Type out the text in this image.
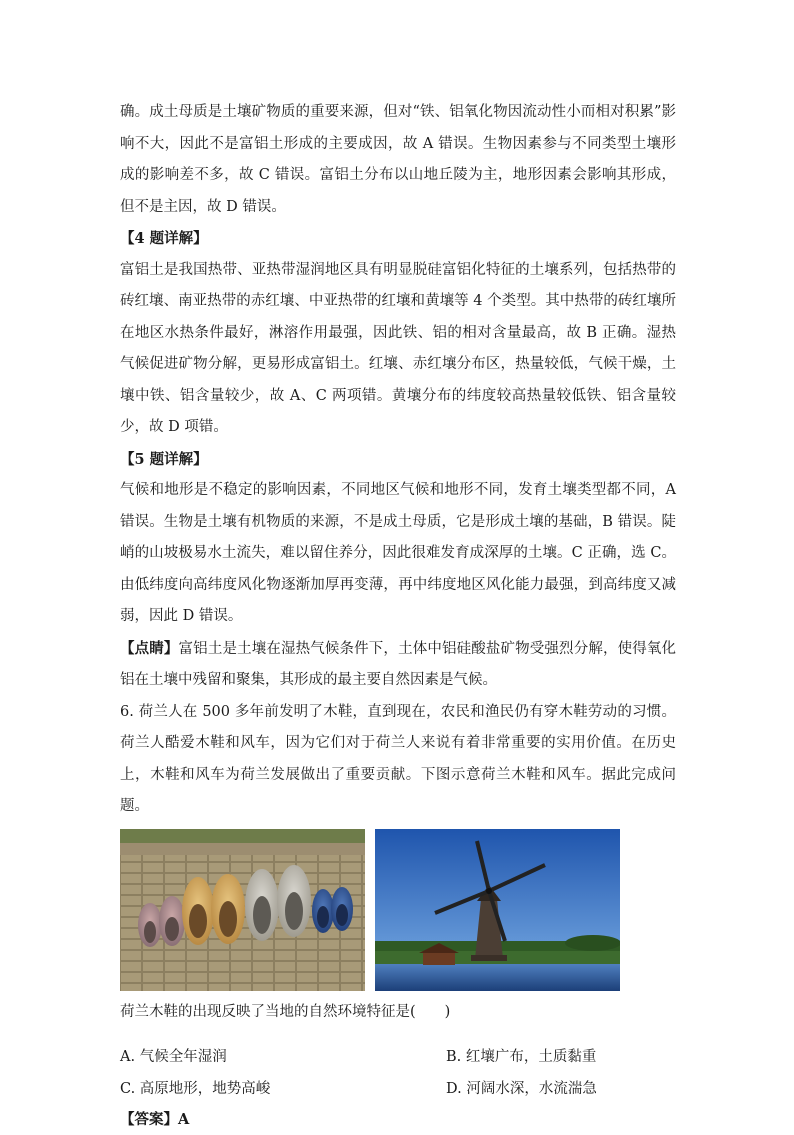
确。成土母质是土壤矿物质的重要来源，但对“铁、铝氧化物因流动性小而相对积累”影响不大，因此不是富铝土形成的主要成因，故 A 错误。生物因素参与不同类型土壤形成的影响差不多，故 C 错误。富铝土分布以山地丘陵为主，地形因素会影响其形成，但不是主因，故 D 错误。

【4 题详解】

富铝土是我国热带、亚热带湿润地区具有明显脱硅富铝化特征的土壤系列，包括热带的砖红壤、南亚热带的赤红壤、中亚热带的红壤和黄壤等 4 个类型。其中热带的砖红壤所在地区水热条件最好，淋溶作用最强，因此铁、铝的相对含量最高，故 B 正确。湿热气候促进矿物分解，更易形成富铝土。红壤、赤红壤分布区，热量较低，气候干燥，土壤中铁、铝含量较少，故 A、C 两项错。黄壤分布的纬度较高热量较低铁、铝含量较少，故 D 项错。

【5 题详解】

气候和地形是不稳定的影响因素，不同地区气候和地形不同，发育土壤类型都不同，A 错误。生物是土壤有机物质的来源，不是成土母质，它是形成土壤的基础，B 错误。陡峭的山坡极易水土流失，难以留住养分，因此很难发育成深厚的土壤。C 正确，选 C。由低纬度向高纬度风化物逐渐加厚再变薄，再中纬度地区风化能力最强，到高纬度又减弱，因此 D 错误。

【点睛】富铝土是土壤在湿热气候条件下，土体中铝硅酸盐矿物受强烈分解，使得氧化铝在土壤中残留和聚集，其形成的最主要自然因素是气候。

6. 荷兰人在 500 多年前发明了木鞋，直到现在，农民和渔民仍有穿木鞋劳动的习惯。荷兰人酷爱木鞋和风车，因为它们对于荷兰人来说有着非常重要的实用价值。在历史上，木鞋和风车为荷兰发展做出了重要贡献。下图示意荷兰木鞋和风车。据此完成问题。

荷兰木鞋的出现反映了当地的自然环境特征是(　　)

A. 气候全年湿润	B. 红壤广布，土质黏重
C. 高原地形，地势高峻	D. 河阔水深，水流湍急
【答案】A
